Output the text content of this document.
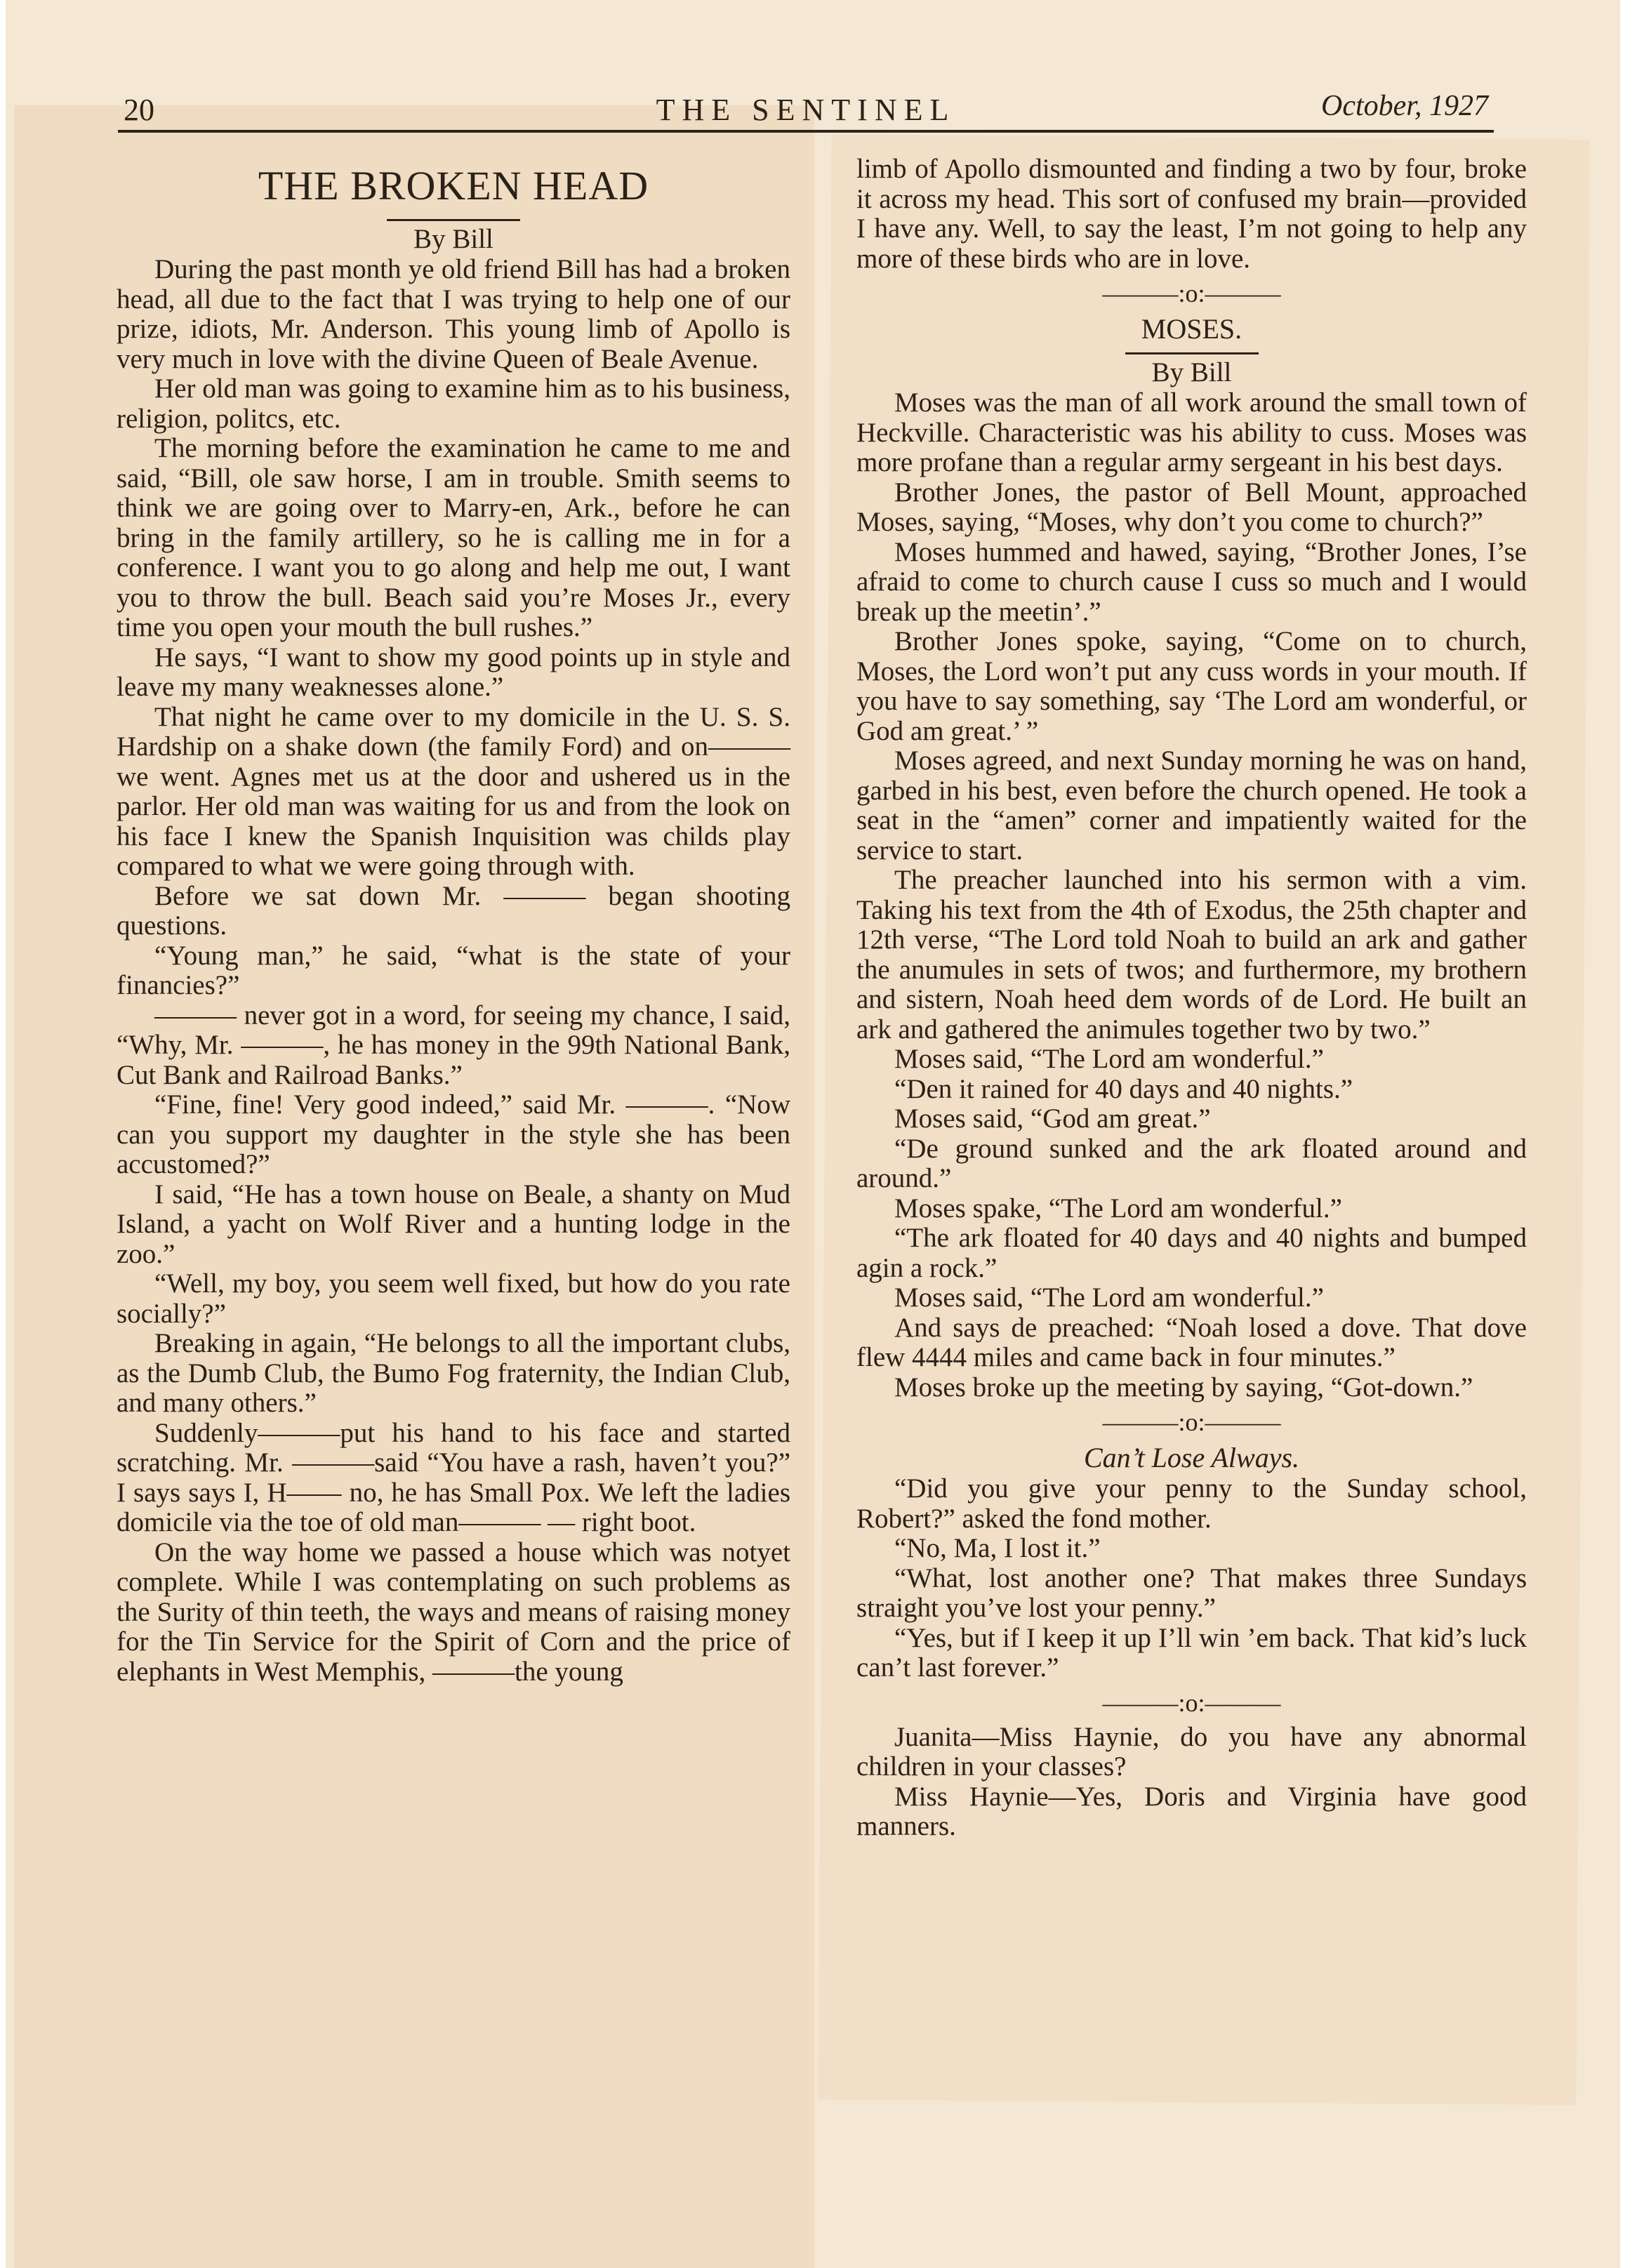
20	THE SENTINEL	October, 1927
THE BROKEN HEAD
By Bill

During the past month ye old friend Bill has had a broken head, all due to the fact that I was trying to help one of our prize, idiots, Mr. Anderson. This young limb of Apollo is very much in love with the divine Queen of Beale Avenue.

Her old man was going to examine him as to his business, religion, politcs, etc.

The morning before the examination he came to me and said, “Bill, ole saw horse, I am in trouble. Smith seems to think we are going over to Marry-en, Ark., before he can bring in the family artillery, so he is calling me in for a conference. I want you to go along and help me out, I want you to throw the bull. Beach said you’re Moses Jr., every time you open your mouth the bull rushes.”

He says, “I want to show my good points up in style and leave my many weaknesses alone.”

That night he came over to my domicile in the U. S. S. Hardship on a shake down (the family Ford) and on———we went. Agnes met us at the door and ushered us in the parlor. Her old man was waiting for us and from the look on his face I knew the Spanish Inquisition was childs play compared to what we were going through with.

Before we sat down Mr. ——— began shooting questions.

“Young man,” he said, “what is the state of your financies?”

——— never got in a word, for seeing my chance, I said, “Why, Mr. ———, he has money in the 99th National Bank, Cut Bank and Railroad Banks.”

“Fine, fine! Very good indeed,” said Mr. ———. “Now can you support my daughter in the style she has been accustomed?”

I said, “He has a town house on Beale, a shanty on Mud Island, a yacht on Wolf River and a hunting lodge in the zoo.”

“Well, my boy, you seem well fixed, but how do you rate socially?”

Breaking in again, “He belongs to all the important clubs, as the Dumb Club, the Bumo Fog fraternity, the Indian Club, and many others.”

Suddenly———put his hand to his face and started scratching. Mr. ———said “You have a rash, haven’t you?” I says says I, H—— no, he has Small Pox. We left the ladies domicile via the toe of old man——— — right boot.

On the way home we passed a house which was notyet complete. While I was contemplating on such problems as the Surity of thin teeth, the ways and means of raising money for the Tin Service for the Spirit of Corn and the price of elephants in West Memphis, ———the young

limb of Apollo dismounted and finding a two by four, broke it across my head. This sort of confused my brain—provided I have any. Well, to say the least, I’m not going to help any more of these birds who are in love.

———:o:———
MOSES.
By Bill

Moses was the man of all work around the small town of Heckville. Characteristic was his ability to cuss. Moses was more profane than a regular army sergeant in his best days.

Brother Jones, the pastor of Bell Mount, approached Moses, saying, “Moses, why don’t you come to church?”

Moses hummed and hawed, saying, “Brother Jones, I’se afraid to come to church cause I cuss so much and I would break up the meetin’.”

Brother Jones spoke, saying, “Come on to church, Moses, the Lord won’t put any cuss words in your mouth. If you have to say something, say ‘The Lord am wonderful, or God am great.’ ”

Moses agreed, and next Sunday morning he was on hand, garbed in his best, even before the church opened. He took a seat in the “amen” corner and impatiently waited for the service to start.

The preacher launched into his sermon with a vim. Taking his text from the 4th of Exodus, the 25th chapter and 12th verse, “The Lord told Noah to build an ark and gather the anumules in sets of twos; and furthermore, my brothern and sistern, Noah heed dem words of de Lord. He built an ark and gathered the animules together two by two.”

Moses said, “The Lord am wonderful.”

“Den it rained for 40 days and 40 nights.”

Moses said, “God am great.”

“De ground sunked and the ark floated around and around.”

Moses spake, “The Lord am wonderful.”

“The ark floated for 40 days and 40 nights and bumped agin a rock.”

Moses said, “The Lord am wonderful.”

And says de preached: “Noah losed a dove. That dove flew 4444 miles and came back in four minutes.”

Moses broke up the meeting by saying, “Got-down.”

———:o:———
Can’t Lose Always.

“Did you give your penny to the Sunday school, Robert?” asked the fond mother.

“No, Ma, I lost it.”

“What, lost another one? That makes three Sundays straight you’ve lost your penny.”

“Yes, but if I keep it up I’ll win ’em back. That kid’s luck can’t last forever.”

———:o:———

Juanita—Miss Haynie, do you have any abnormal children in your classes?

Miss Haynie—Yes, Doris and Virginia have good manners.
